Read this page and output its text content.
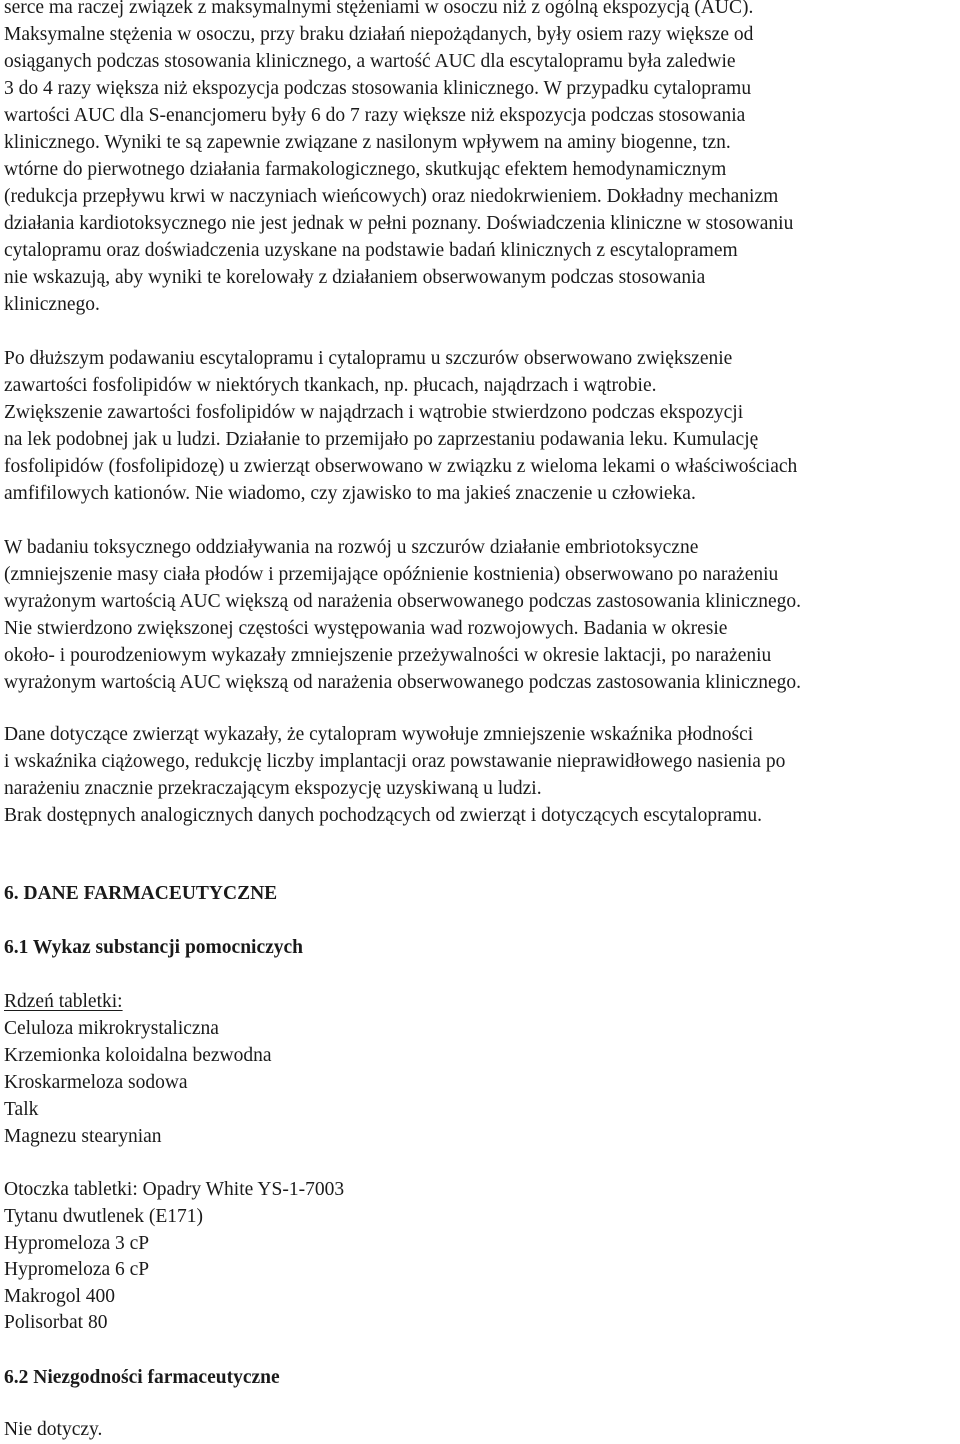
serce ma raczej związek z maksymalnymi stężeniami w osoczu niż z ogólną ekspozycją (AUC).
Maksymalne stężenia w osoczu, przy braku działań niepożądanych, były osiem razy większe od
osiąganych podczas stosowania klinicznego, a wartość AUC dla escytalopramu była zaledwie
3 do 4 razy większa niż ekspozycja podczas stosowania klinicznego. W przypadku cytalopramu
wartości AUC dla S-enancjomeru były 6 do 7 razy większe niż ekspozycja podczas stosowania
klinicznego. Wyniki te są zapewnie związane z nasilonym wpływem na aminy biogenne, tzn.
wtórne do pierwotnego działania farmakologicznego, skutkując efektem hemodynamicznym
(redukcja przepływu krwi w naczyniach wieńcowych) oraz niedokrwieniem. Dokładny mechanizm
działania kardiotoksycznego nie jest jednak w pełni poznany. Doświadczenia kliniczne w stosowaniu
cytalopramu oraz doświadczenia uzyskane na podstawie badań klinicznych z escytalopramem
nie wskazują, aby wyniki te korelowały z działaniem obserwowanym podczas stosowania
klinicznego.
Po dłuższym podawaniu escytalopramu i cytalopramu u szczurów obserwowano zwiększenie
zawartości fosfolipidów w niektórych tkankach, np. płucach, najądrzach i wątrobie.
Zwiększenie zawartości fosfolipidów w najądrzach i wątrobie stwierdzono podczas ekspozycji
na lek podobnej jak u ludzi. Działanie to przemijało po zaprzestaniu podawania leku. Kumulację
fosfolipidów (fosfolipidozę) u zwierząt obserwowano w związku z wieloma lekami o właściwościach
amfifilowych kationów. Nie wiadomo, czy zjawisko to ma jakieś znaczenie u człowieka.
W badaniu toksycznego oddziaływania na rozwój u szczurów działanie embriotoksyczne
(zmniejszenie masy ciała płodów i przemijające opóźnienie kostnienia) obserwowano po narażeniu
wyrażonym wartością AUC większą od narażenia obserwowanego podczas zastosowania klinicznego.
Nie stwierdzono zwiększonej częstości występowania wad rozwojowych. Badania w okresie
około- i pourodzeniowym wykazały zmniejszenie przeżywalności w okresie laktacji, po narażeniu
wyrażonym wartością AUC większą od narażenia obserwowanego podczas zastosowania klinicznego.
Dane dotyczące zwierząt wykazały, że cytalopram wywołuje zmniejszenie wskaźnika płodności
i wskaźnika ciążowego, redukcję liczby implantacji oraz powstawanie nieprawidłowego nasienia po
narażeniu znacznie przekraczającym ekspozycję uzyskiwaną u ludzi.
Brak dostępnych analogicznych danych pochodzących od zwierząt i dotyczących escytalopramu.
6. DANE FARMACEUTYCZNE
6.1 Wykaz substancji pomocniczych
Rdzeń tabletki:
Celuloza mikrokrystaliczna
Krzemionka koloidalna bezwodna
Kroskarmeloza sodowa
Talk
Magnezu stearynian
Otoczka tabletki: Opadry White YS-1-7003
Tytanu dwutlenek (E171)
Hypromeloza 3 cP
Hypromeloza 6 cP
Makrogol 400
Polisorbat 80
6.2 Niezgodności farmaceutyczne
Nie dotyczy.
